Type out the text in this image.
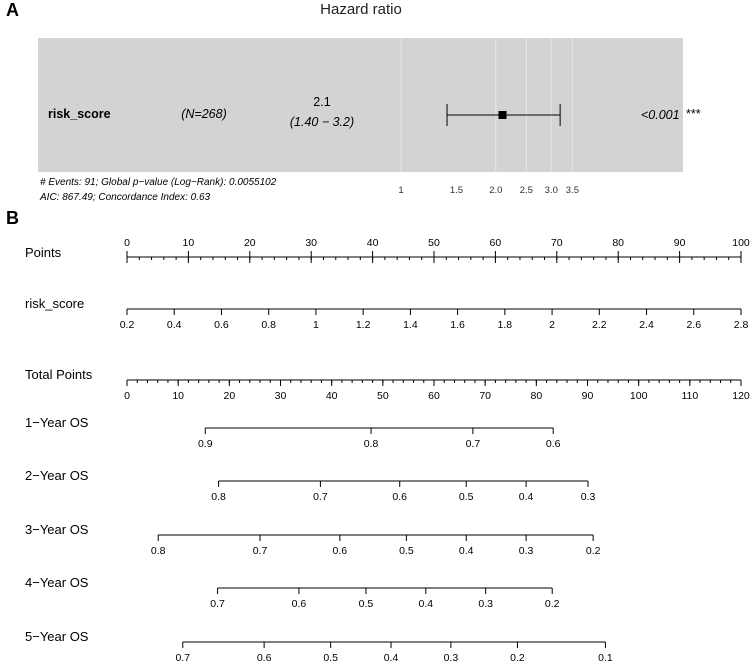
A	Hazard ratio
risk_score	(N=268)
2.1
(1.40 − 3.2)	<0.001 ***
1	1.5	2.0 2.5 3.0 3.5
# Events: 91; Global p−value (Log−Rank): 0.0055102
AIC: 867.49; Concordance Index: 0.63
B
Points
0	10	20	30	40	50	60	70	80	90	100
risk_score
0.2	0.4	0.6	0.8	1	1.2	1.4	1.6	1.8	2	2.2	2.4	2.6	2.8
Total Points
0	10	20	30	40	50	60	70	80	90	100	110	120
1−Year OS
0.9	0.8	0.7	0.6
2−Year OS
0.8	0.7	0.6	0.5	0.4	0.3
3−Year OS
0.8	0.7	0.6	0.5	0.4	0.3	0.2
4−Year OS
0.7	0.6	0.5	0.4	0.3	0.2
5−Year OS
0.7	0.6	0.5	0.4	0.3	0.2	0.1
